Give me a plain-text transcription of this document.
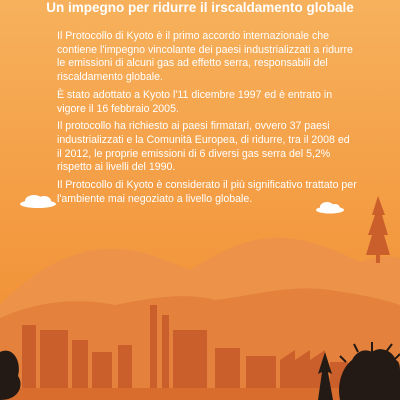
Un impegno per ridurre il irscaldamento globale

Il Protocollo di Kyoto è il primo accordo internazionale che contiene l'impegno vincolante dei paesi industrializzati a ridurre le emissioni di alcuni gas ad effetto serra, responsabili del riscaldamento globale.

È stato adottato a Kyoto l'11 dicembre 1997 ed è entrato in vigore il 16 febbraio 2005.

Il protocollo ha richiesto ai paesi firmatari, ovvero 37 paesi industrializzati e la Comunità Europea, di ridurre, tra il 2008 ed il 2012, le proprie emissioni di 6 diversi gas serra del 5,2% rispetto ai livelli del 1990.

Il Protocollo di Kyoto è considerato il più significativo trattato per l'ambiente mai negoziato a livello globale.
